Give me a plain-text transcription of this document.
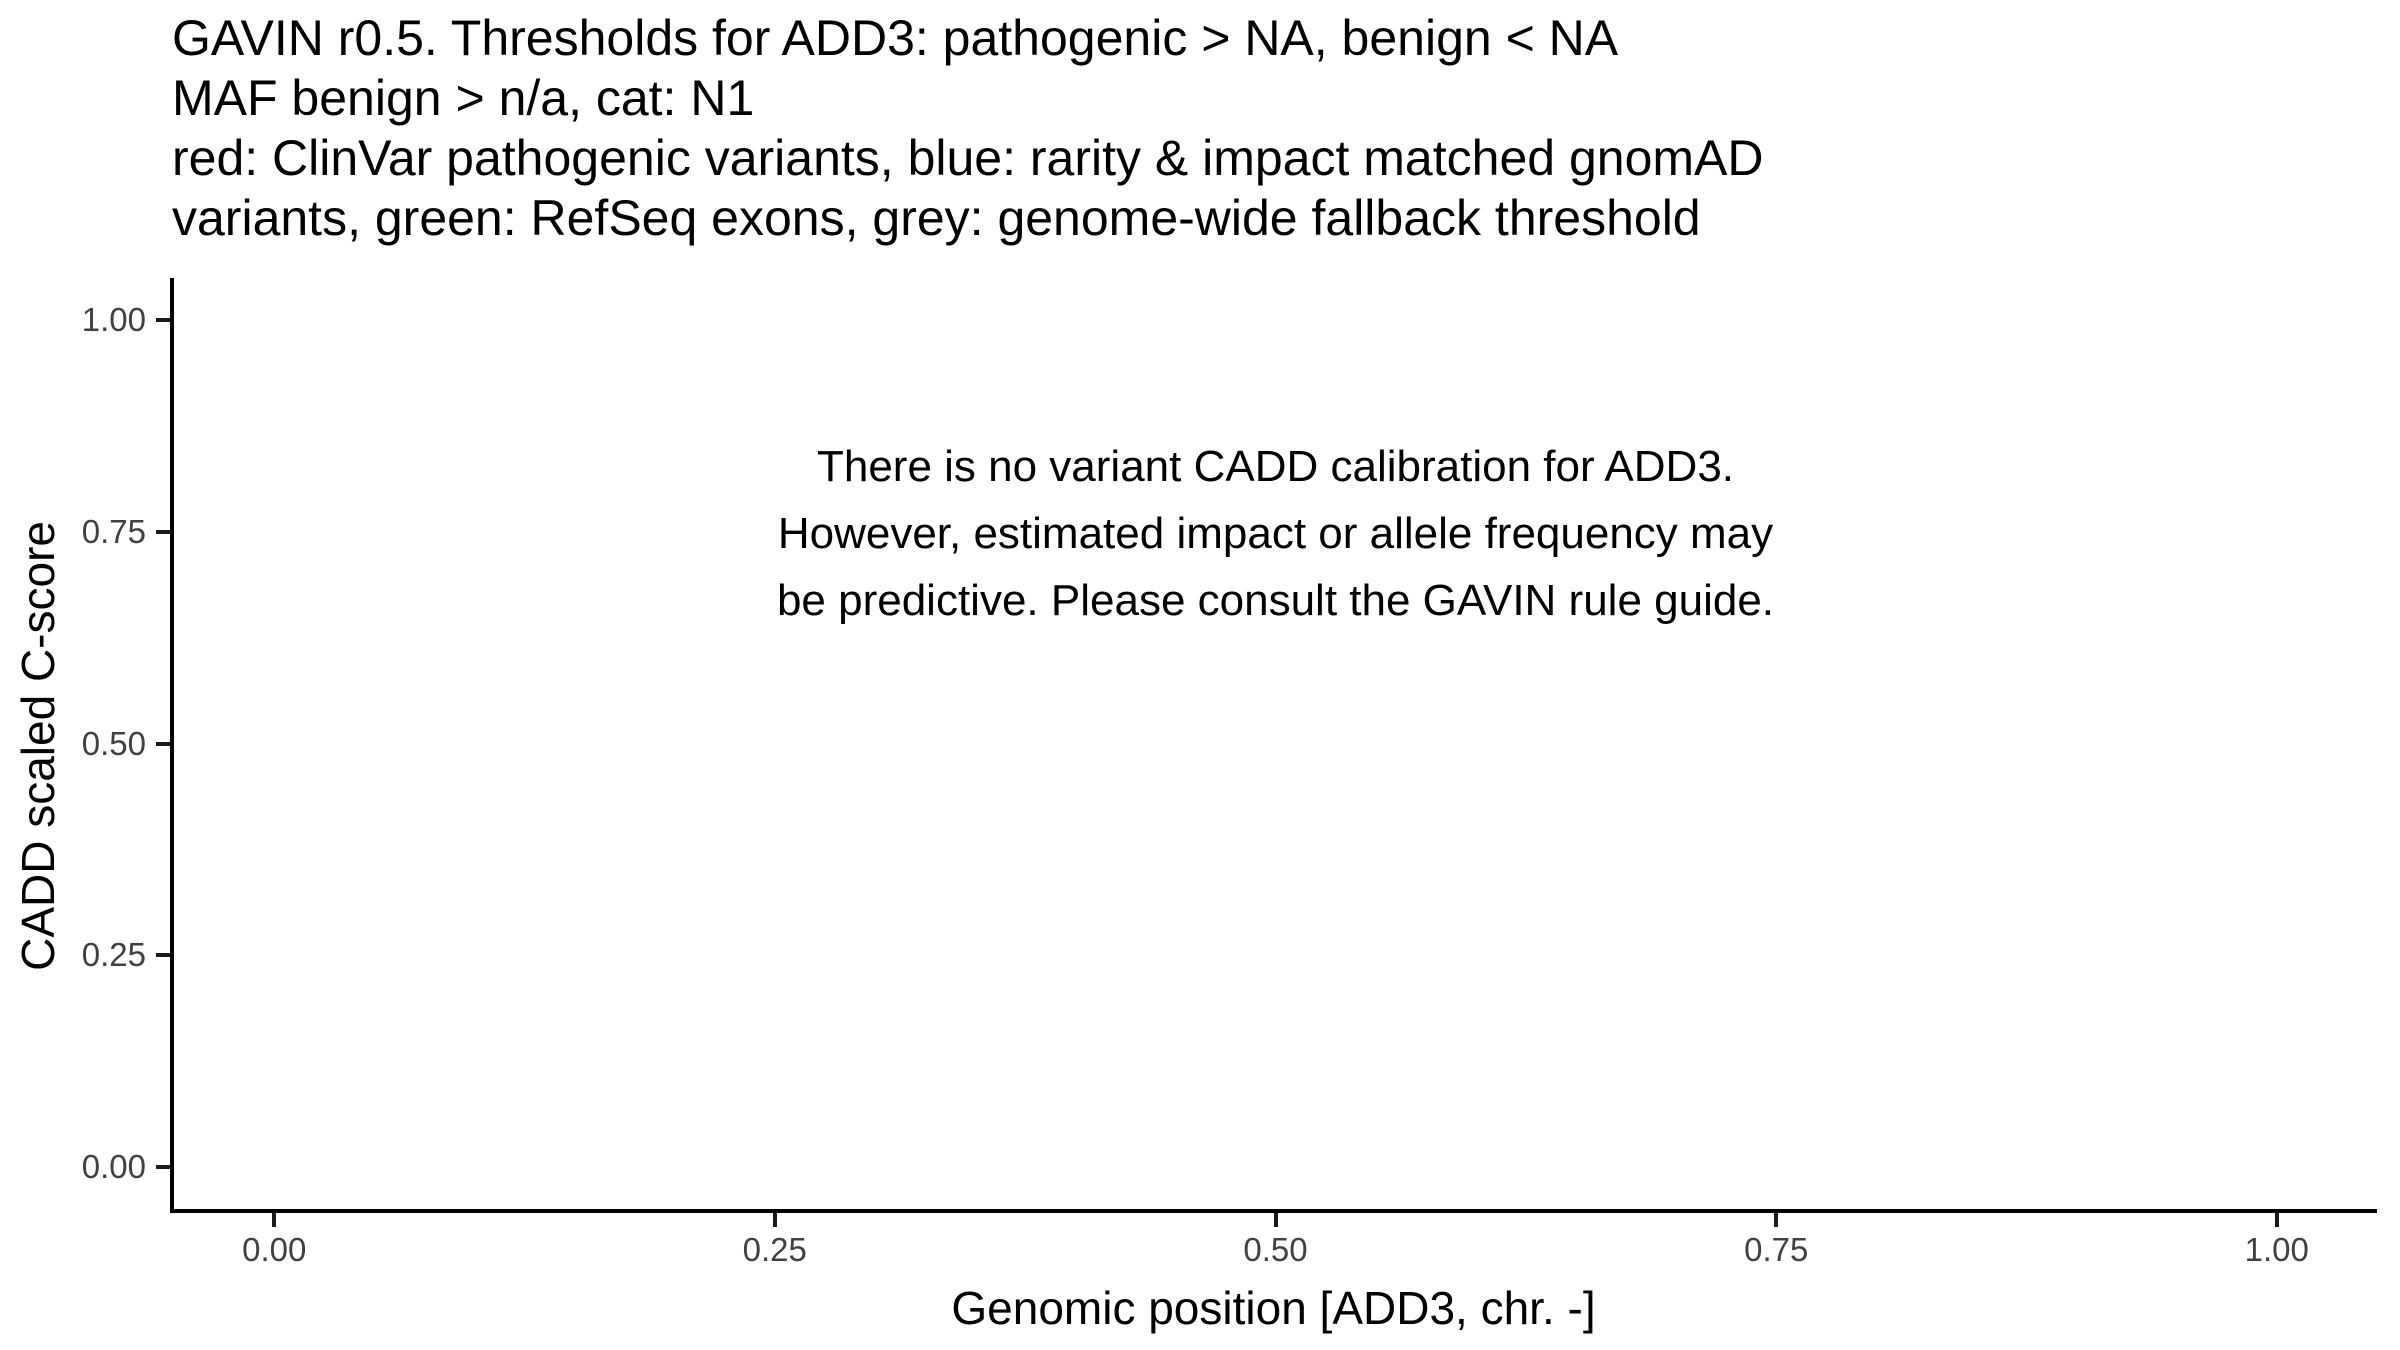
GAVIN r0.5. Thresholds for ADD3: pathogenic > NA, benign < NA
MAF benign > n/a, cat: N1
red: ClinVar pathogenic variants, blue: rarity & impact matched gnomAD
variants, green: RefSeq exons, grey: genome-wide fallback threshold
There is no variant CADD calibration for ADD3.
However, estimated impact or allele frequency may
be predictive. Please consult the GAVIN rule guide.
0.00	0.25	0.50	0.75	1.00
1.00
0.75
0.50
0.25
0.00
Genomic position [ADD3, chr. -]
CADD scaled C-score
